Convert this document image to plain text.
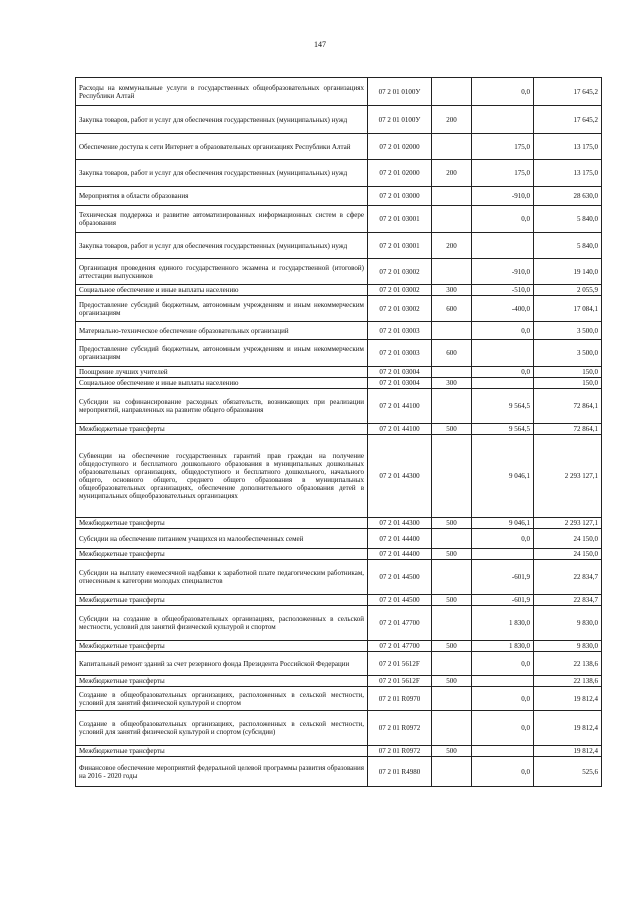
147
Расходы на коммунальные услуги в государственных общеобразовательных организациях Республики Алтай	07 2 01 0100У		0,0	17 645,2
Закупка товаров, работ и услуг для обеспечения государственных (муниципальных) нужд	07 2 01 0100У	200		17 645,2
Обеспечение доступа к сети Интернет в образовательных организациях Республики Алтай	07 2 01 02000		175,0	13 175,0
Закупка товаров, работ и услуг для обеспечения государственных (муниципальных) нужд	07 2 01 02000	200	175,0	13 175,0
Мероприятия в области образования	07 2 01 03000		-910,0	28 630,0
Техническая поддержка и развитие автоматизированных информационных систем в сфере образования	07 2 01 03001		0,0	5 840,0
Закупка товаров, работ и услуг для обеспечения государственных (муниципальных) нужд	07 2 01 03001	200		5 840,0
Организация проведения единого государственного экзамена и государственной (итоговой) аттестации выпускников	07 2 01 03002		-910,0	19 140,0
Социальное обеспечение и иные выплаты населению	07 2 01 03002	300	-510,0	2 055,9
Предоставление субсидий бюджетным, автономным учреждениям и иным некоммерческим организациям	07 2 01 03002	600	-400,0	17 084,1
Материально-техническое обеспечение образовательных организаций	07 2 01 03003		0,0	3 500,0
Предоставление субсидий бюджетным, автономным учреждениям и иным некоммерческим организациям	07 2 01 03003	600		3 500,0
Поощрение лучших учителей	07 2 01 03004		0,0	150,0
Социальное обеспечение и иные выплаты населению	07 2 01 03004	300		150,0
Субсидии на софинансирование расходных обязательств, возникающих при реализации мероприятий, направленных на развитие общего образования	07 2 01 44100		9 564,5	72 864,1
Межбюджетные трансферты	07 2 01 44100	500	9 564,5	72 864,1
Субвенции на обеспечение государственных гарантий прав граждан на получение общедоступного и бесплатного дошкольного образования в муниципальных дошкольных образовательных организациях, общедоступного и бесплатного дошкольного, начального общего, основного общего, среднего общего образования в муниципальных общеобразовательных организациях, обеспечение дополнительного образования детей в муниципальных общеобразовательных организациях	07 2 01 44300		9 046,1	2 293 127,1
Межбюджетные трансферты	07 2 01 44300	500	9 046,1	2 293 127,1
Субсидии на обеспечение питанием учащихся из малообеспеченных семей	07 2 01 44400		0,0	24 150,0
Межбюджетные трансферты	07 2 01 44400	500		24 150,0
Субсидии на выплату ежемесячной надбавки к заработной плате педагогическим работникам, отнесенным к категории молодых специалистов	07 2 01 44500		-601,9	22 834,7
Межбюджетные трансферты	07 2 01 44500	500	-601,9	22 834,7
Субсидии на создание в общеобразовательных организациях, расположенных в сельской местности, условий для занятий физической культурой и спортом	07 2 01 47700		1 830,0	9 830,0
Межбюджетные трансферты	07 2 01 47700	500	1 830,0	9 830,0
Капитальный ремонт зданий за счет резервного фонда Президента Российской Федерации	07 2 01 5612F		0,0	22 138,6
Межбюджетные трансферты	07 2 01 5612F	500		22 138,6
Создание в общеобразовательных организациях, расположенных в сельской местности, условий для занятий физической культурой и спортом	07 2 01 R0970		0,0	19 812,4
Создание в общеобразовательных организациях, расположенных в сельской местности, условий для занятий физической культурой и спортом (субсидии)	07 2 01 R0972		0,0	19 812,4
Межбюджетные трансферты	07 2 01 R0972	500		19 812,4
Финансовое обеспечение мероприятий федеральной целевой программы развития образования на 2016 - 2020 годы	07 2 01 R4980		0,0	525,6
